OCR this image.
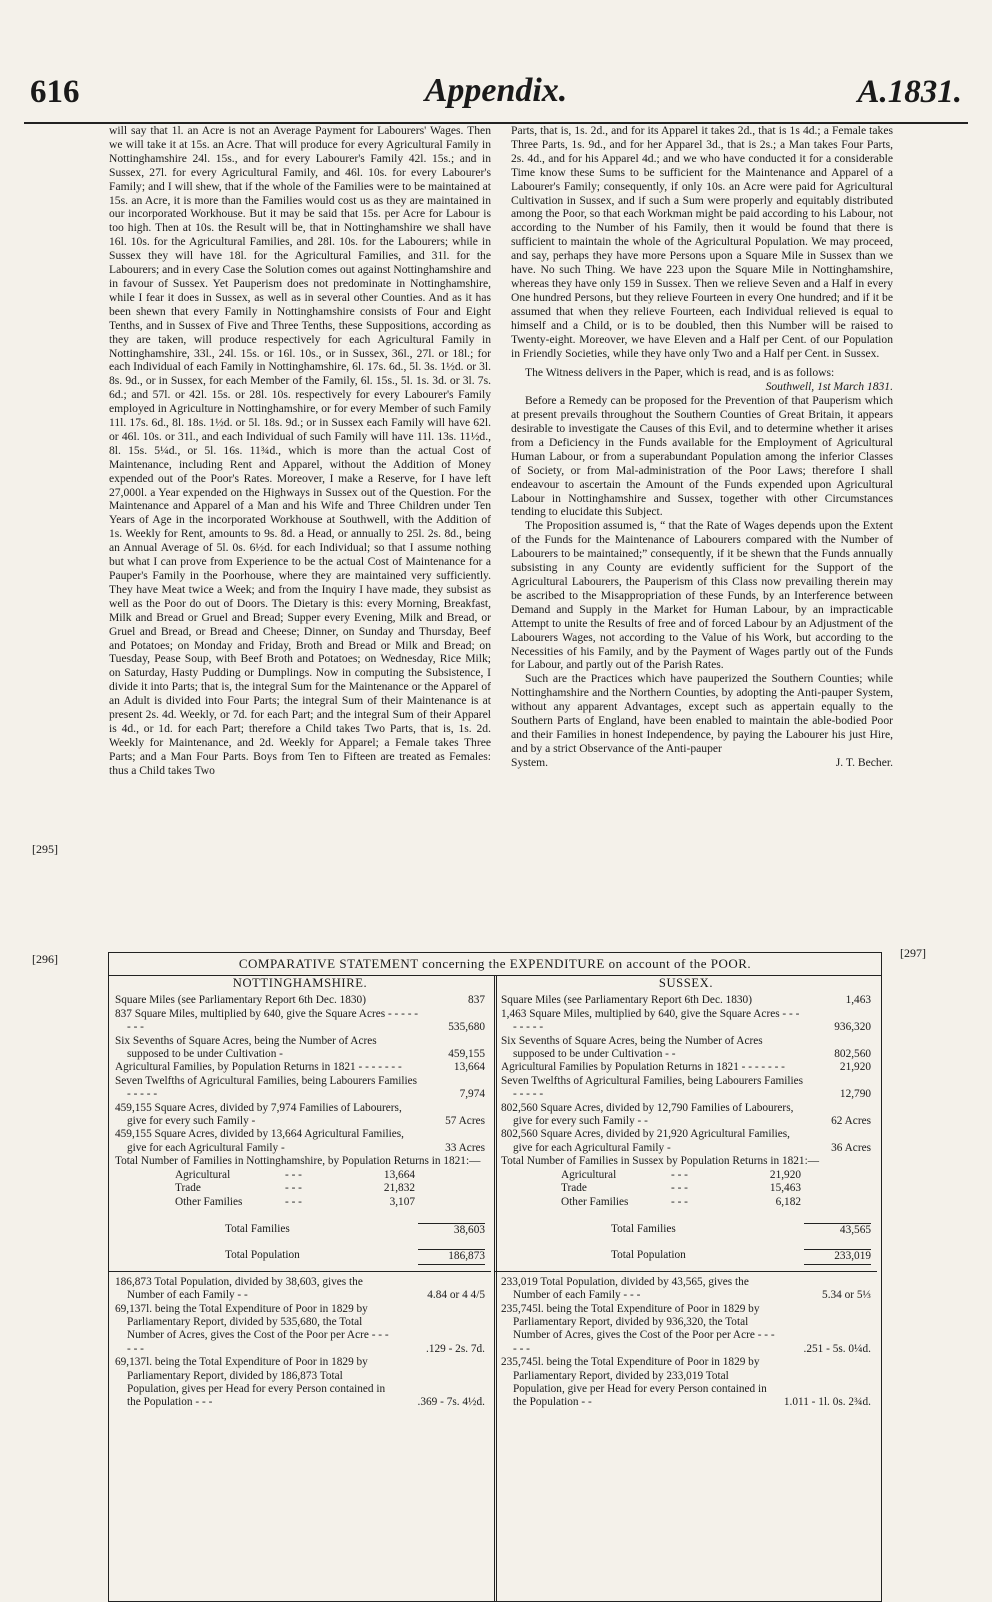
616	Appendix.	A.1831.

will say that 1l. an Acre is not an Average Payment for Labourers' Wages. Then we will take it at 15s. an Acre. That will produce for every Agricultural Family in Nottinghamshire 24l. 15s., and for every Labourer's Family 42l. 15s.; and in Sussex, 27l. for every Agricultural Family, and 46l. 10s. for every Labourer's Family; and I will shew, that if the whole of the Families were to be maintained at 15s. an Acre, it is more than the Families would cost us as they are maintained in our incorporated Workhouse. But it may be said that 15s. per Acre for Labour is too high. Then at 10s. the Result will be, that in Nottinghamshire we shall have 16l. 10s. for the Agricultural Families, and 28l. 10s. for the Labourers; while in Sussex they will have 18l. for the Agricultural Families, and 31l. for the Labourers; and in every Case the Solution comes out against Nottinghamshire and in favour of Sussex. Yet Pauperism does not predominate in Nottinghamshire, while I fear it does in Sussex, as well as in several other Counties. And as it has been shewn that every Family in Nottinghamshire consists of Four and Eight Tenths, and in Sussex of Five and Three Tenths, these Suppositions, according as they are taken, will produce respectively for each Agricultural Family in Nottinghamshire, 33l., 24l. 15s. or 16l. 10s., or in Sussex, 36l., 27l. or 18l.; for each Individual of each Family in Nottinghamshire, 6l. 17s. 6d., 5l. 3s. 1½d. or 3l. 8s. 9d., or in Sussex, for each Member of the Family, 6l. 15s., 5l. 1s. 3d. or 3l. 7s. 6d.; and 57l. or 42l. 15s. or 28l. 10s. respectively for every Labourer's Family employed in Agriculture in Nottinghamshire, or for every Member of such Family 11l. 17s. 6d., 8l. 18s. 1½d. or 5l. 18s. 9d.; or in Sussex each Family will have 62l. or 46l. 10s. or 31l., and each Individual of such Family will have 11l. 13s. 11½d., 8l. 15s. 5¼d., or 5l. 16s. 11¾d., which is more than the actual Cost of Maintenance, including Rent and Apparel, without the Addition of Money expended out of the Poor's Rates. Moreover, I make a Reserve, for I have left 27,000l. a Year expended on the Highways in Sussex out of the Question. For the Maintenance and Apparel of a Man and his Wife and Three Children under Ten Years of Age in the incorporated Workhouse at Southwell, with the Addition of 1s. Weekly for Rent, amounts to 9s. 8d. a Head, or annually to 25l. 2s. 8d., being an Annual Average of 5l. 0s. 6½d. for each Individual; so that I assume nothing but what I can prove from Experience to be the actual Cost of Maintenance for a Pauper's Family in the Poorhouse, where they are maintained very sufficiently. They have Meat twice a Week; and from the Inquiry I have made, they subsist as well as the Poor do out of Doors. The Dietary is this: every Morning, Breakfast, Milk and Bread or Gruel and Bread; Supper every Evening, Milk and Bread, or Gruel and Bread, or Bread and Cheese; Dinner, on Sunday and Thursday, Beef and Potatoes; on Monday and Friday, Broth and Bread or Milk and Bread; on Tuesday, Pease Soup, with Beef Broth and Potatoes; on Wednesday, Rice Milk; on Saturday, Hasty Pudding or Dumplings. Now in computing the Subsistence, I divide it into Parts; that is, the integral Sum for the Maintenance or the Apparel of an Adult is divided into Four Parts; the integral Sum of their Maintenance is at present 2s. 4d. Weekly, or 7d. for each Part; and the integral Sum of their Apparel is 4d., or 1d. for each Part; therefore a Child takes Two Parts, that is, 1s. 2d. Weekly for Maintenance, and 2d. Weekly for Apparel; a Female takes Three Parts; and a Man Four Parts. Boys from Ten to Fifteen are treated as Females: thus a Child takes Two

Parts, that is, 1s. 2d., and for its Apparel it takes 2d., that is 1s 4d.; a Female takes Three Parts, 1s. 9d., and for her Apparel 3d., that is 2s.; a Man takes Four Parts, 2s. 4d., and for his Apparel 4d.; and we who have conducted it for a considerable Time know these Sums to be sufficient for the Maintenance and Apparel of a Labourer's Family; consequently, if only 10s. an Acre were paid for Agricultural Cultivation in Sussex, and if such a Sum were properly and equitably distributed among the Poor, so that each Workman might be paid according to his Labour, not according to the Number of his Family, then it would be found that there is sufficient to maintain the whole of the Agricultural Population. We may proceed, and say, perhaps they have more Persons upon a Square Mile in Sussex than we have. No such Thing. We have 223 upon the Square Mile in Nottinghamshire, whereas they have only 159 in Sussex. Then we relieve Seven and a Half in every One hundred Persons, but they relieve Fourteen in every One hundred; and if it be assumed that when they relieve Fourteen, each Individual relieved is equal to himself and a Child, or is to be doubled, then this Number will be raised to Twenty-eight. Moreover, we have Eleven and a Half per Cent. of our Population in Friendly Societies, while they have only Two and a Half per Cent. in Sussex.

The Witness delivers in the Paper, which is read, and is as follows:

Southwell, 1st March 1831.

Before a Remedy can be proposed for the Prevention of that Pauperism which at present prevails throughout the Southern Counties of Great Britain, it appears desirable to investigate the Causes of this Evil, and to determine whether it arises from a Deficiency in the Funds available for the Employment of Agricultural Human Labour, or from a superabundant Population among the inferior Classes of Society, or from Mal-administration of the Poor Laws; therefore I shall endeavour to ascertain the Amount of the Funds expended upon Agricultural Labour in Nottinghamshire and Sussex, together with other Circumstances tending to elucidate this Subject.

The Proposition assumed is, “ that the Rate of Wages depends upon the Extent of the Funds for the Maintenance of Labourers compared with the Number of Labourers to be maintained;” consequently, if it be shewn that the Funds annually subsisting in any County are evidently sufficient for the Support of the Agricultural Labourers, the Pauperism of this Class now prevailing therein may be ascribed to the Misappropriation of these Funds, by an Interference between Demand and Supply in the Market for Human Labour, by an impracticable Attempt to unite the Results of free and of forced Labour by an Adjustment of the Labourers Wages, not according to the Value of his Work, but according to the Necessities of his Family, and by the Payment of Wages partly out of the Funds for Labour, and partly out of the Parish Rates.

Such are the Practices which have pauperized the Southern Counties; while Nottinghamshire and the Northern Counties, by adopting the Anti-pauper System, without any apparent Advantages, except such as appertain equally to the Southern Parts of England, have been enabled to maintain the able-bodied Poor and their Families in honest Independence, by paying the Labourer his just Hire, and by a strict Observance of the Anti-pauper

System.	J. T. Becher.
[295]
[296]	[297]
COMPARATIVE STATEMENT concerning the EXPENDITURE on account of the POOR.
NOTTINGHAMSHIRE.
Square Miles (see Parliamentary Report 6th Dec. 1830)	837
837 Square Miles, multiplied by 640, give the Square Acres - - - - - - - -	535,680
Six Sevenths of Square Acres, being the Number of Acres supposed to be under Cultivation -	459,155
Agricultural Families, by Population Returns in 1821 - - - - - - -	13,664
Seven Twelfths of Agricultural Families, being Labourers Families - - - - -	7,974
459,155 Square Acres, divided by 7,974 Families of Labourers, give for every such Family -	57 Acres
459,155 Square Acres, divided by 13,664 Agricultural Families, give for each Agricultural Family -	33 Acres
Total Number of Families in Nottinghamshire, by Population Returns in 1821:—
Agricultural	- - -	13,664
Trade	- - -	21,832
Other Families	- - -	3,107
Total Families	38,603
Total Population	186,873
186,873 Total Population, divided by 38,603, gives the Number of each Family - -	4.84 or 4 4/5
69,137l. being the Total Expenditure of Poor in 1829 by Parliamentary Report, divided by 535,680, the Total Number of Acres, gives the Cost of the Poor per Acre - - - - - -	.129 - 2s. 7d.
69,137l. being the Total Expenditure of Poor in 1829 by Parliamentary Report, divided by 186,873 Total Population, gives per Head for every Person contained in the Population - - -	.369 - 7s. 4½d.
SUSSEX.
Square Miles (see Parliamentary Report 6th Dec. 1830)	1,463
1,463 Square Miles, multiplied by 640, give the Square Acres - - - - - - - -	936,320
Six Sevenths of Square Acres, being the Number of Acres supposed to be under Cultivation - -	802,560
Agricultural Families by Population Returns in 1821 - - - - - - -	21,920
Seven Twelfths of Agricultural Families, being Labourers Families - - - - -	12,790
802,560 Square Acres, divided by 12,790 Families of Labourers, give for every such Family - -	62 Acres
802,560 Square Acres, divided by 21,920 Agricultural Families, give for each Agricultural Family -	36 Acres
Total Number of Families in Sussex by Population Returns in 1821:—
Agricultural	- - -	21,920
Trade	- - -	15,463
Other Families	- - -	6,182
Total Families	43,565
Total Population	233,019
233,019 Total Population, divided by 43,565, gives the Number of each Family - - -	5.34 or 5⅓
235,745l. being the Total Expenditure of Poor in 1829 by Parliamentary Report, divided by 936,320, the Total Number of Acres, gives the Cost of the Poor per Acre - - - - - -	.251 - 5s. 0¼d.
235,745l. being the Total Expenditure of Poor in 1829 by Parliamentary Report, divided by 233,019 Total Population, give per Head for every Person contained in the Population - -	1.011 - 1l. 0s. 2¾d.
